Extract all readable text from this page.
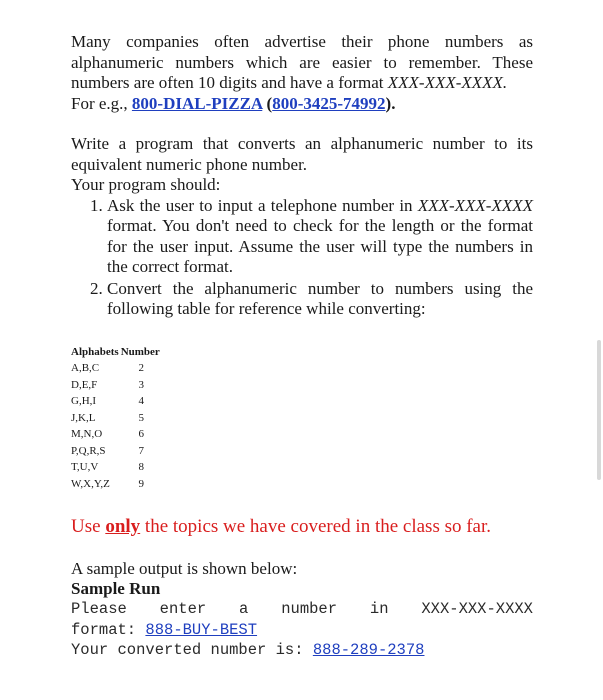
Many companies often advertise their phone numbers as alphanumeric numbers which are easier to remember. These numbers are often 10 digits and have a format XXX-XXX-XXXX.
For e.g., 800-DIAL-PIZZA (800-3425-74992).

Write a program that converts an alphanumeric number to its equivalent numeric phone number.
Your program should:

1. Ask the user to input a telephone number in XXX-XXX-XXXX format. You don't need to check for the length or the format for the user input. Assume the user will type the numbers in the correct format.
2. Convert the alphanumeric number to numbers using the following table for reference while converting:
Alphabets	Number
A,B,C	2
D,E,F	3
G,H,I	4
J,K,L	5
M,N,O	6
P,Q,R,S	7
T,U,V	8
W,X,Y,Z	9
Use only the topics we have covered in the class so far.
A sample output is shown below:
Sample Run
Please enter a number in XXX-XXX-XXXX
format: 888-BUY-BEST
Your converted number is: 888-289-2378
